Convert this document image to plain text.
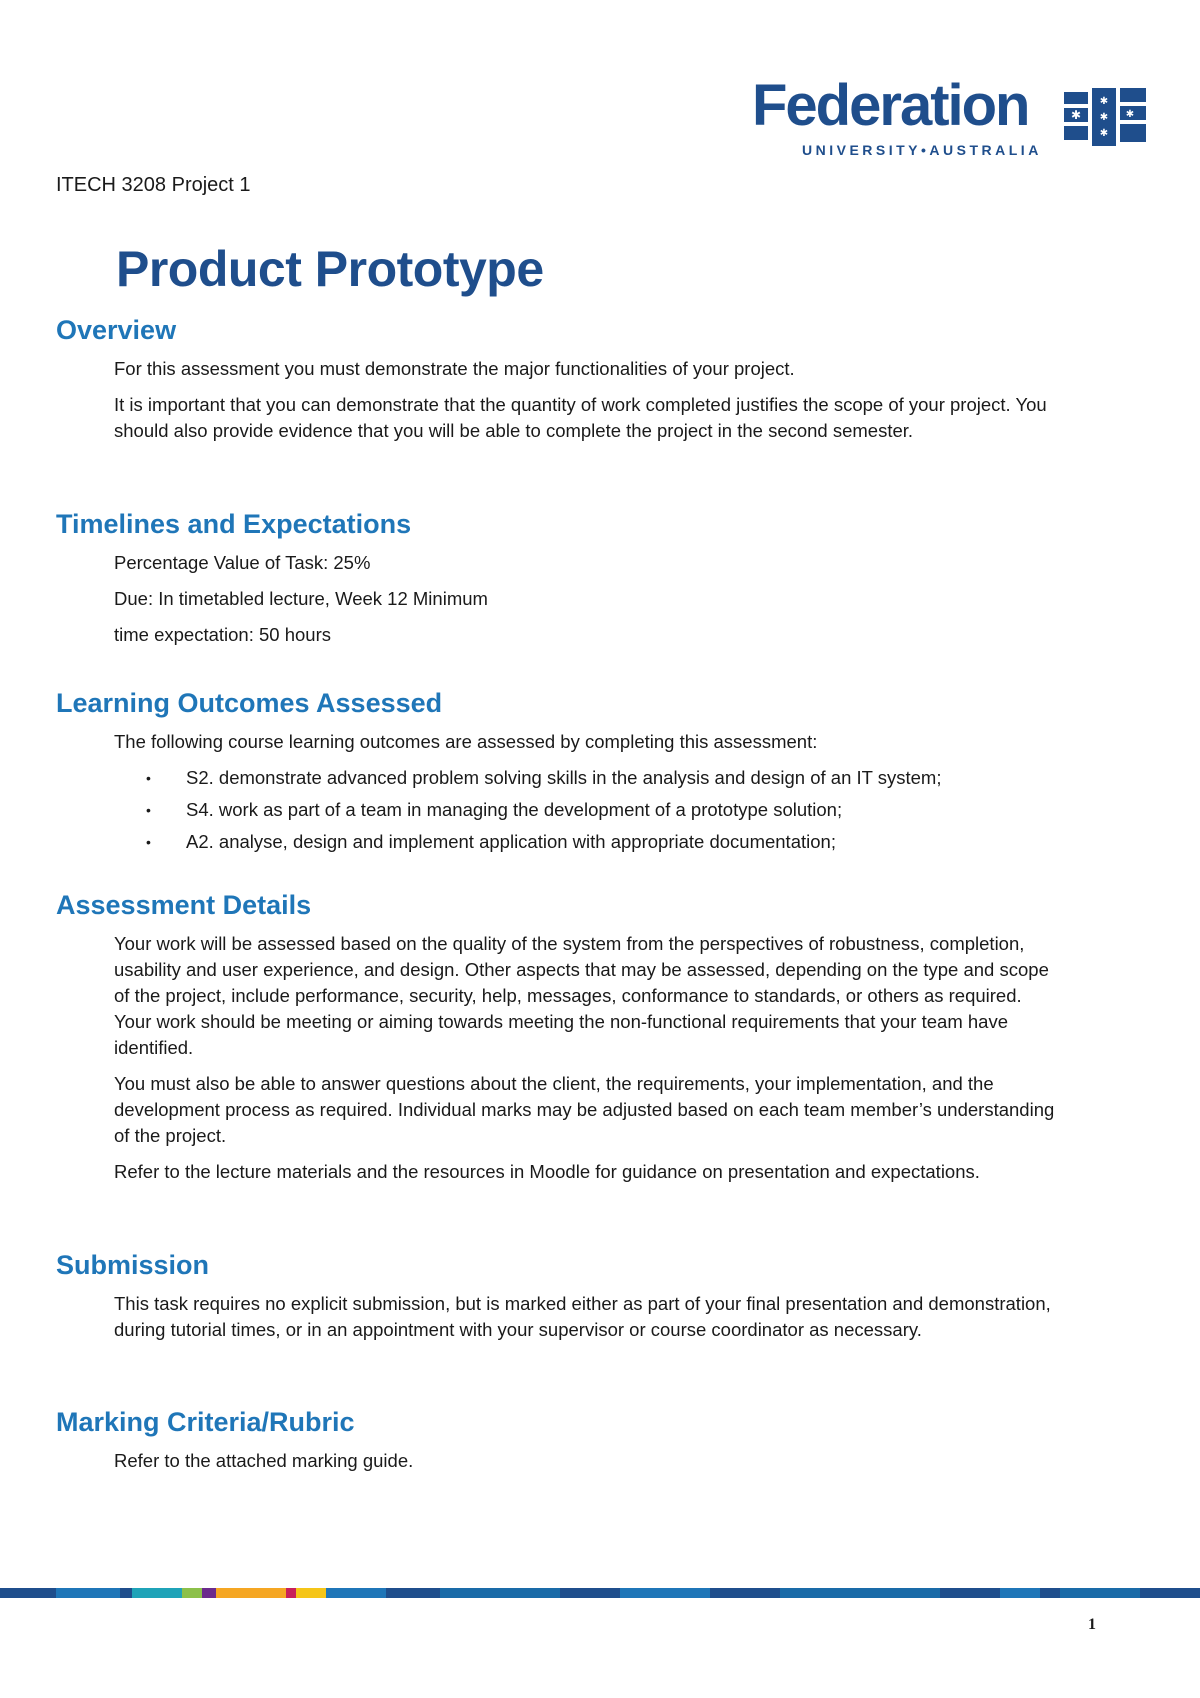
Federation
UNIVERSITY•AUSTRALIA
✱
✱
✱
✱
✱
ITECH 3208 Project 1
Product Prototype
Overview

For this assessment you must demonstrate the major functionalities of your project.

It is important that you can demonstrate that the quantity of work completed justifies the scope of your project. You should also provide evidence that you will be able to complete the project in the second semester.

Timelines and Expectations

Percentage Value of Task: 25%

Due: In timetabled lecture, Week 12 Minimum

time expectation: 50 hours

Learning Outcomes Assessed

The following course learning outcomes are assessed by completing this assessment:

• S2. demonstrate advanced problem solving skills in the analysis and design of an IT system;
• S4. work as part of a team in managing the development of a prototype solution;
• A2. analyse, design and implement application with appropriate documentation;
Assessment Details

Your work will be assessed based on the quality of the system from the perspectives of robustness, completion, usability and user experience, and design. Other aspects that may be assessed, depending on the type and scope of the project, include performance, security, help, messages, conformance to standards, or others as required. Your work should be meeting or aiming towards meeting the non-functional requirements that your team have identified.

You must also be able to answer questions about the client, the requirements, your implementation, and the development process as required. Individual marks may be adjusted based on each team member’s understanding of the project.

Refer to the lecture materials and the resources in Moodle for guidance on presentation and expectations.

Submission

This task requires no explicit submission, but is marked either as part of your final presentation and demonstration, during tutorial times, or in an appointment with your supervisor or course coordinator as necessary.

Marking Criteria/Rubric

Refer to the attached marking guide.

1
